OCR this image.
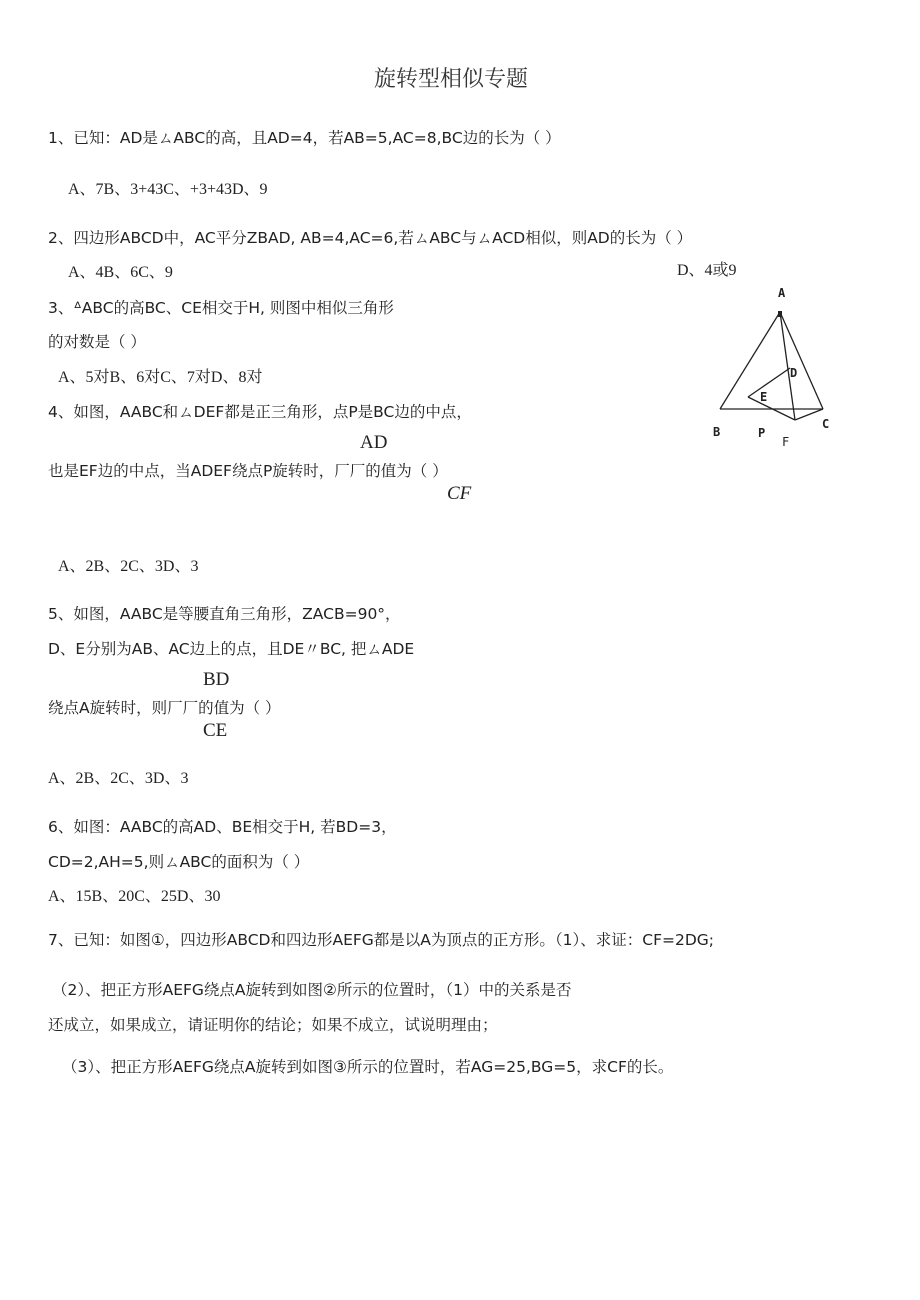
旋转型相似专题
1、已知：AD是ㄙABC的高，且AD=4，若AB=5,AC=8,BC边的长为（ ）
A、7B、3+43C、+3+43D、9
2、四边形ABCD中，AC平分ZBAD, AB=4,AC=6,若ㄙABC与ㄙACD相似，则AD的长为（ ）
A、4B、6C、9	D、4或9
3、ᐞABC的高BC、CE相交于H, 则图中相似三角形
的对数是（ ）
A、5对B、6对C、7对D、8对
4、如图，AABC和ㄙDEF都是正三角形，点P是BC边的中点，
AD
也是EF边的中点，当ADEF绕点P旋转时，厂厂的值为（ ）
CF
A、2B、2C、3D、3
5、如图，AABC是等腰直角三角形，ZACB=90°，
D、E分别为AB、AC边上的点，且DE〃BC, 把ㄙADE
BD
绕点A旋转时，则厂厂的值为（ ）
CE
A、2B、2C、3D、3
6、如图：AABC的高AD、BE相交于H, 若BD=3，
CD=2,AH=5,则ㄙABC的面积为（ ）
A、15B、20C、25D、30
7、已知：如图①，四边形ABCD和四边形AEFG都是以A为顶点的正方形。（1）、求证：CF=2DG;
（2）、把正方形AEFG绕点A旋转到如图②所示的位置时，（1）中的关系是否
还成立，如果成立，请证明你的结论；如果不成立，试说明理由；
（3）、把正方形AEFG绕点A旋转到如图③所示的位置时，若AG=25,BG=5，求CF的长。
A
D
E
B	P
F
C
